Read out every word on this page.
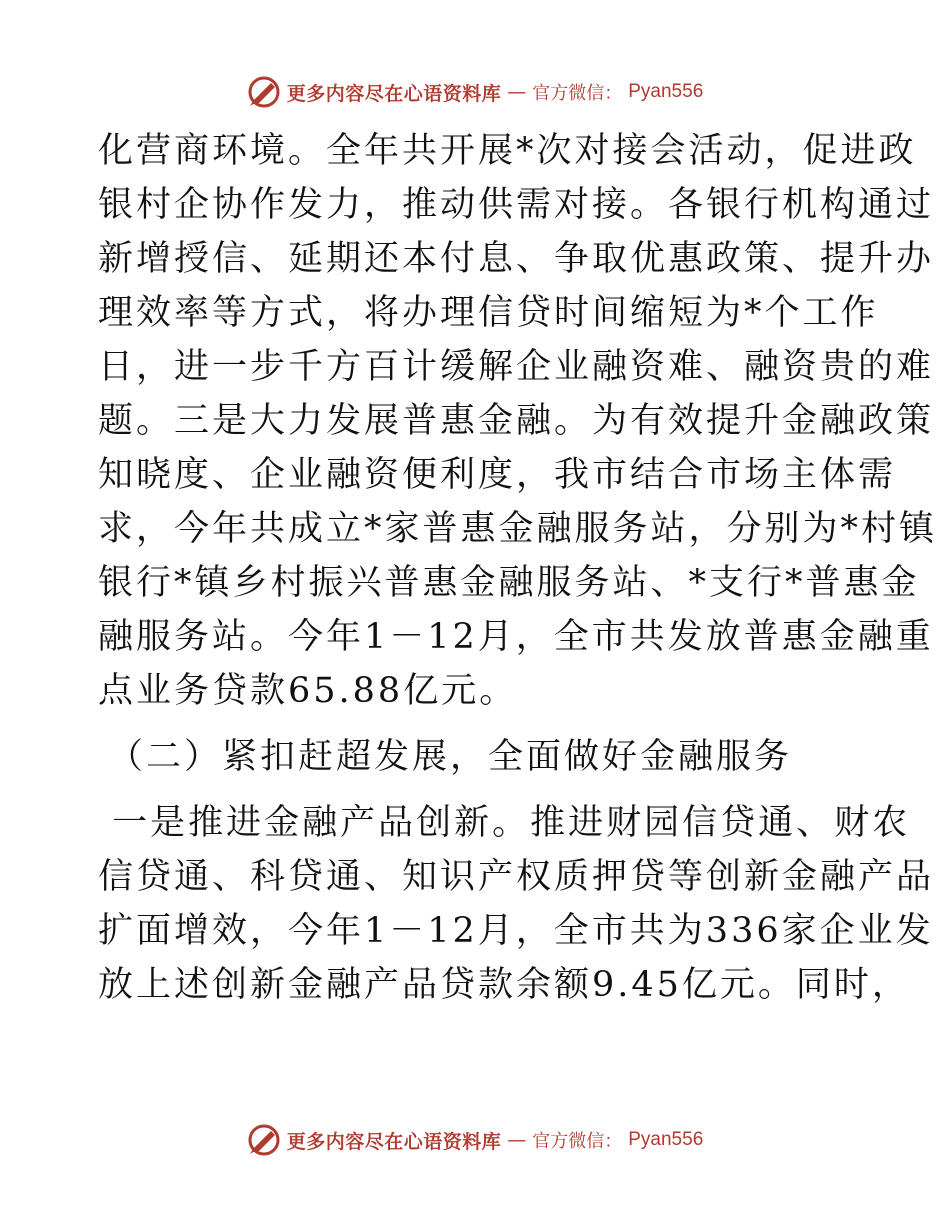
更多内容尽在心语资料库 — 官方微信： Pyan556
化营商环境。全年共开展*次对接会活动，促进政
银村企协作发力，推动供需对接。各银行机构通过
新增授信、延期还本付息、争取优惠政策、提升办
理效率等方式，将办理信贷时间缩短为*个工作
日，进一步千方百计缓解企业融资难、融资贵的难
题。三是大力发展普惠金融。为有效提升金融政策
知晓度、企业融资便利度，我市结合市场主体需
求，今年共成立*家普惠金融服务站，分别为*村镇
银行*镇乡村振兴普惠金融服务站、*支行*普惠金
融服务站。今年1－12月，全市共发放普惠金融重
点业务贷款65.88亿元。
（二）紧扣赶超发展，全面做好金融服务
一是推进金融产品创新。推进财园信贷通、财农
信贷通、科贷通、知识产权质押贷等创新金融产品
扩面增效，今年1－12月，全市共为336家企业发
放上述创新金融产品贷款余额9.45亿元。同时，
更多内容尽在心语资料库 — 官方微信： Pyan556
